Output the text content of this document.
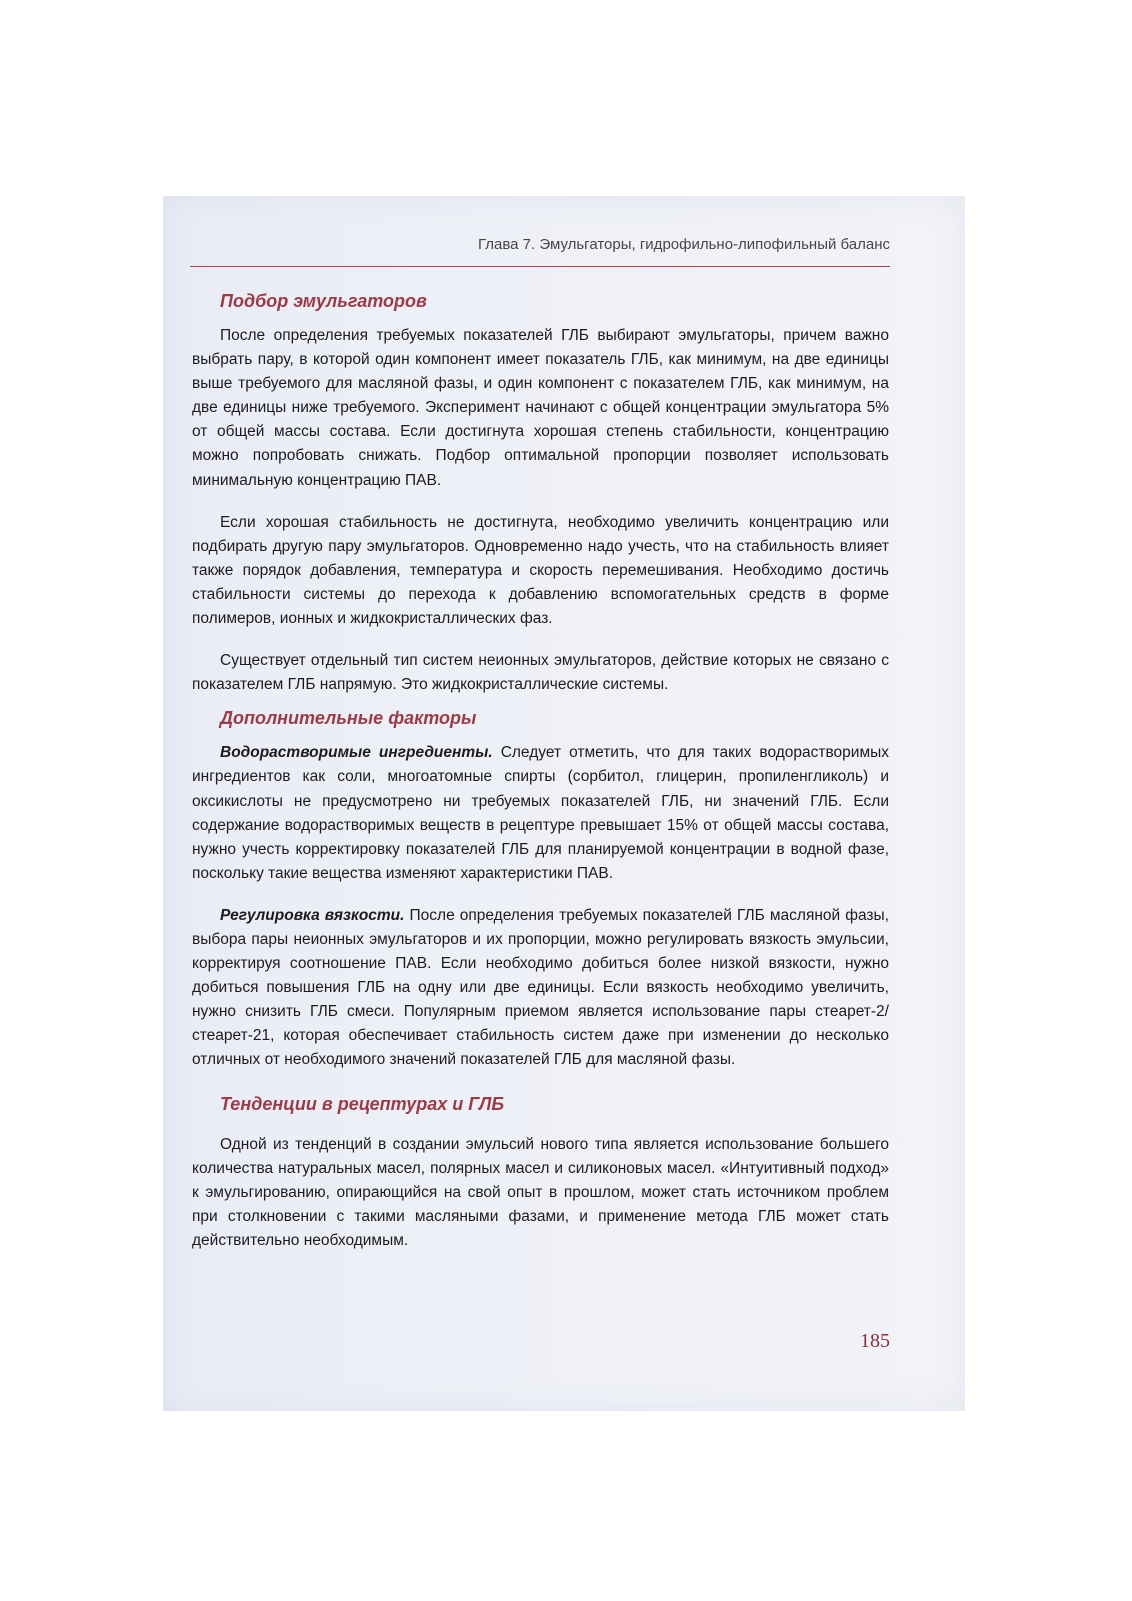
Глава 7. Эмульгаторы, гидрофильно-липофильный баланс
Подбор эмульгаторов

После определения требуемых показателей ГЛБ выбирают эмульгаторы, причем важно выбрать пару, в которой один компонент имеет показатель ГЛБ, как минимум, на две единицы выше требуемого для масляной фазы, и один компонент с показателем ГЛБ, как минимум, на две единицы ниже требуемого. Эксперимент начинают с общей концентрации эмульгатора 5% от общей массы состава. Если достигнута хорошая степень стабильности, концентрацию можно попробовать снижать. Подбор оптимальной пропорции позволяет использовать минимальную концентрацию ПАВ.

Если хорошая стабильность не достигнута, необходимо увеличить концентрацию или подбирать другую пару эмульгаторов. Одновременно надо учесть, что на стабильность влияет также порядок добавления, температура и скорость перемешивания. Необходимо достичь стабильности системы до перехода к добавлению вспомогательных средств в форме полимеров, ионных и жидкокристаллических фаз.

Существует отдельный тип систем неионных эмульгаторов, действие которых не связано с показателем ГЛБ напрямую. Это жидкокристаллические системы.

Дополнительные факторы

Водорастворимые ингредиенты. Следует отметить, что для таких водорастворимых ингредиентов как соли, многоатомные спирты (сорбитол, глицерин, пропиленгликоль) и оксикислоты не предусмотрено ни требуемых показателей ГЛБ, ни значений ГЛБ. Если содержание водорастворимых веществ в рецептуре превышает 15% от общей массы состава, нужно учесть корректировку показателей ГЛБ для планируемой концентрации в водной фазе, поскольку такие вещества изменяют характеристики ПАВ.

Регулировка вязкости. После определения требуемых показателей ГЛБ масляной фазы, выбора пары неионных эмульгаторов и их пропорции, можно регулировать вязкость эмульсии, корректируя соотношение ПАВ. Если необходимо добиться более низкой вязкости, нужно добиться повышения ГЛБ на одну или две единицы. Если вязкость необходимо увеличить, нужно снизить ГЛБ смеси. Популярным приемом является использование пары стеарет-2/стеарет-21, которая обеспечивает стабильность систем даже при изменении до несколько отличных от необходимого значений показателей ГЛБ для масляной фазы.

Тенденции в рецептурах и ГЛБ

Одной из тенденций в создании эмульсий нового типа является использование большего количества натуральных масел, полярных масел и силиконовых масел. «Интуитивный подход» к эмульгированию, опирающийся на свой опыт в прошлом, может стать источником проблем при столкновении с такими масляными фазами, и применение метода ГЛБ может стать действительно необходимым.

185
